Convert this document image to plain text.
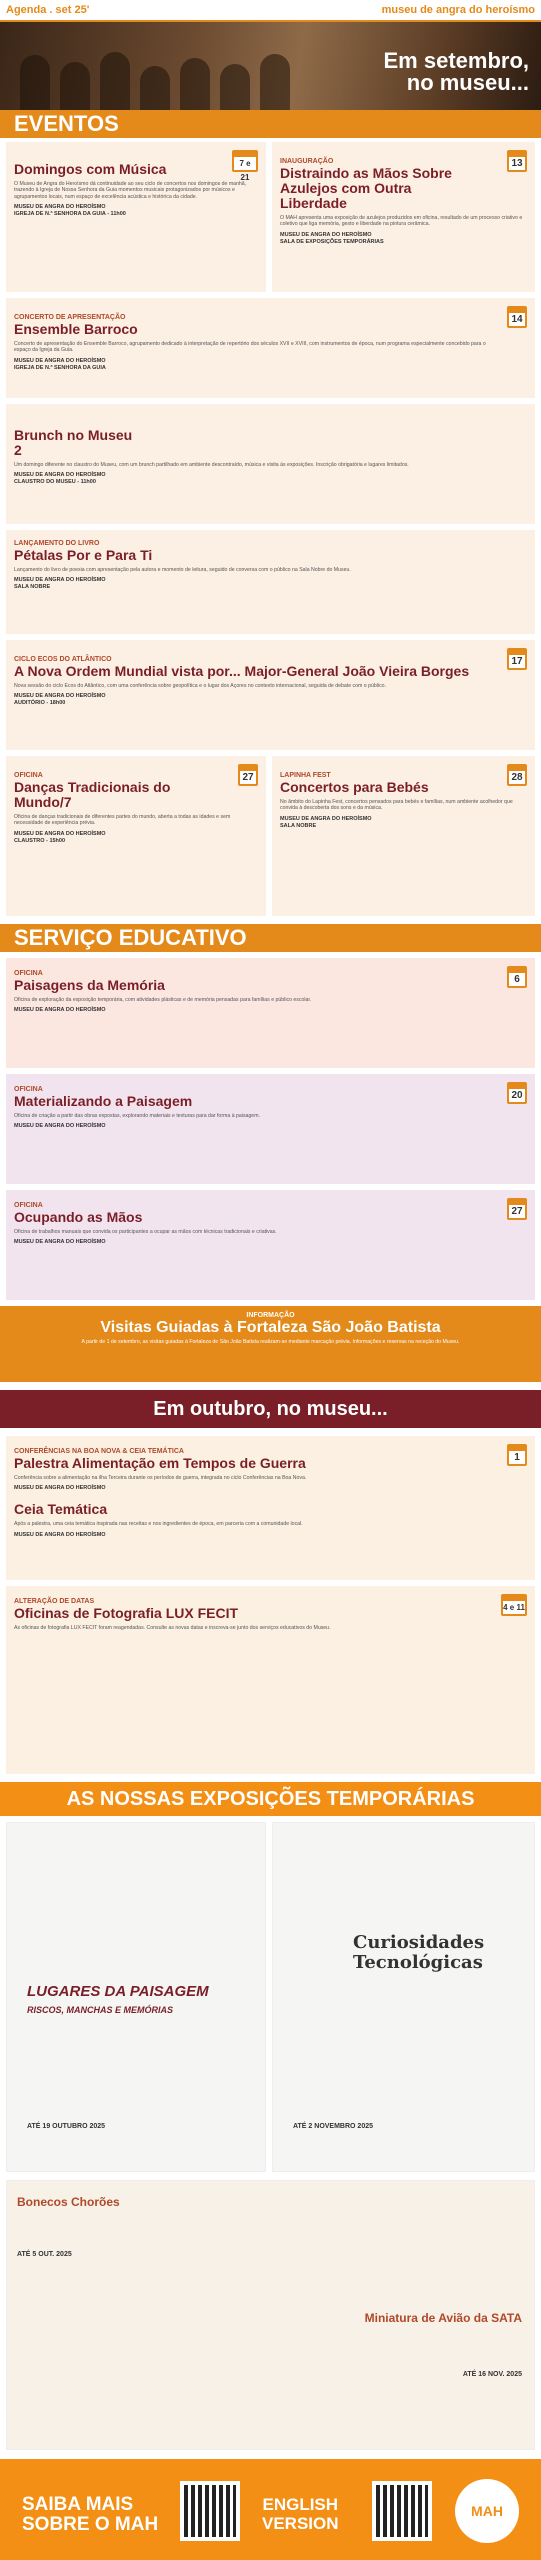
Agenda . set 25'	museu de angra do heroísmo
Em setembro,
no museu...
EVENTOS
Domingos com Música
O Museu de Angra do Heroísmo dá continuidade ao seu ciclo de concertos nos domingos de manhã, trazendo à Igreja de Nossa Senhora da Guia momentos musicais protagonizados por músicos e agrupamentos locais, num espaço de excelência acústica e histórica da cidade.
MUSEU DE ANGRA DO HEROÍSMO
IGREJA DE N.ª SENHORA DA GUIA - 11h00
7 e 21
INAUGURAÇÃO
Distraindo as Mãos Sobre Azulejos com Outra Liberdade
O MAH apresenta uma exposição de azulejos produzidos em oficina, resultado de um processo criativo e coletivo que liga memória, gesto e liberdade na pintura cerâmica.
MUSEU DE ANGRA DO HEROÍSMO
SALA DE EXPOSIÇÕES TEMPORÁRIAS
13
CONCERTO DE APRESENTAÇÃO
Ensemble Barroco
Concerto de apresentação do Ensemble Barroco, agrupamento dedicado à interpretação de repertório dos séculos XVII e XVIII, com instrumentos de época, num programa especialmente concebido para o espaço da Igreja da Guia.
MUSEU DE ANGRA DO HEROÍSMO
IGREJA DE N.ª SENHORA DA GUIA
14
Brunch no Museu 2
Um domingo diferente no claustro do Museu, com um brunch partilhado em ambiente descontraído, música e visita às exposições. Inscrição obrigatória e lugares limitados.
MUSEU DE ANGRA DO HEROÍSMO
CLAUSTRO DO MUSEU - 11h00
LANÇAMENTO DO LIVRO
Pétalas Por e Para Ti
Lançamento do livro de poesia com apresentação pela autora e momento de leitura, seguido de conversa com o público na Sala Nobre do Museu.
MUSEU DE ANGRA DO HEROÍSMO
SALA NOBRE
CICLO ECOS DO ATLÂNTICO
A Nova Ordem Mundial vista por... Major-General João Vieira Borges
Nova sessão do ciclo Ecos do Atlântico, com uma conferência sobre geopolítica e o lugar dos Açores no contexto internacional, seguida de debate com o público.
MUSEU DE ANGRA DO HEROÍSMO
AUDITÓRIO - 18h00
17
OFICINA
Danças Tradicionais do Mundo/7
Oficina de danças tradicionais de diferentes partes do mundo, aberta a todas as idades e sem necessidade de experiência prévia.
MUSEU DE ANGRA DO HEROÍSMO
CLAUSTRO - 15h00
27	LAPINHA FEST
Concertos para Bebés
No âmbito do Lapinha Fest, concertos pensados para bebés e famílias, num ambiente acolhedor que convida à descoberta dos sons e da música.
MUSEU DE ANGRA DO HEROÍSMO
SALA NOBRE
28
SERVIÇO EDUCATIVO
OFICINA
Paisagens da Memória
Oficina de exploração da exposição temporária, com atividades plásticas e de memória pensadas para famílias e público escolar.
MUSEU DE ANGRA DO HEROÍSMO
6
OFICINA
Materializando a Paisagem
Oficina de criação a partir das obras expostas, explorando materiais e texturas para dar forma à paisagem.
MUSEU DE ANGRA DO HEROÍSMO
20
OFICINA
Ocupando as Mãos
Oficina de trabalhos manuais que convida os participantes a ocupar as mãos com técnicas tradicionais e criativas.
MUSEU DE ANGRA DO HEROÍSMO
27
INFORMAÇÃO
Visitas Guiadas à Fortaleza São João Batista
A partir de 1 de setembro, as visitas guiadas à Fortaleza de São João Batista realizam-se mediante marcação prévia. Informações e reservas na receção do Museu.
Em outubro, no museu...
CONFERÊNCIAS NA BOA NOVA & CEIA TEMÁTICA
Palestra Alimentação em Tempos de Guerra
Conferência sobre a alimentação na ilha Terceira durante os períodos de guerra, integrada no ciclo Conferências na Boa Nova.
MUSEU DE ANGRA DO HEROÍSMO
Ceia Temática
Após a palestra, uma ceia temática inspirada nas receitas e nos ingredientes de época, em parceria com a comunidade local.
MUSEU DE ANGRA DO HEROÍSMO
1
ALTERAÇÃO DE DATAS
Oficinas de Fotografia LUX FECIT
As oficinas de fotografia LUX FECIT foram reagendadas. Consulte as novas datas e inscreva-se junto dos serviços educativos do Museu.
4 e 11
AS NOSSAS EXPOSIÇÕES TEMPORÁRIAS
LUGARES DA PAISAGEM
RISCOS, MANCHAS E MEMÓRIAS
ATÉ 19 OUTUBRO 2025
Curiosidades Tecnológicas
ATÉ 2 NOVEMBRO 2025
Bonecos Chorões
ATÉ 5 OUT. 2025
Miniatura de Avião da SATA
ATÉ 16 NOV. 2025
SAIBA MAIS
SOBRE O MAH
ENGLISH
VERSION
MAH
